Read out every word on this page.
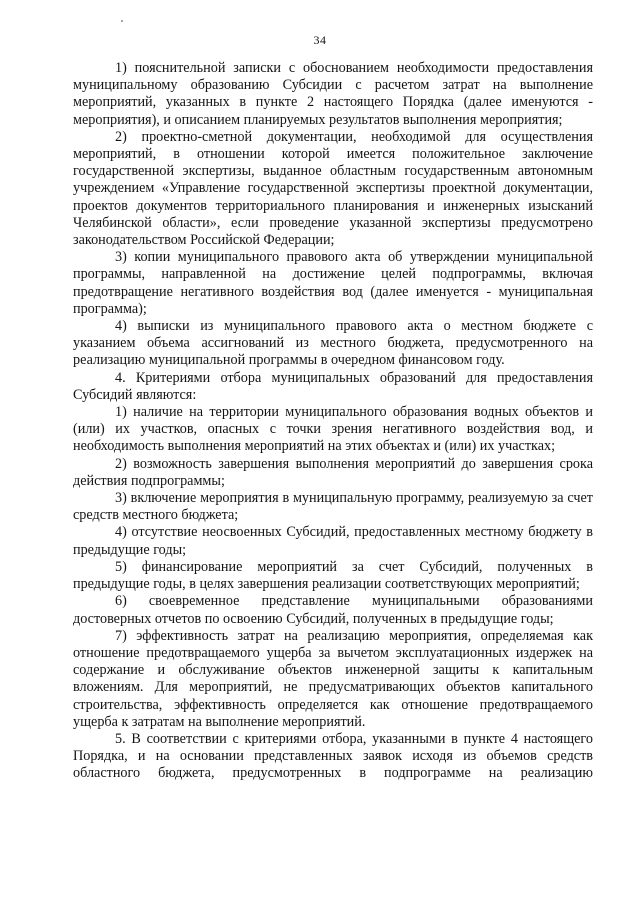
34

1) пояснительной записки с обоснованием необходимости предоставления муниципальному образованию Субсидии с расчетом затрат на выполнение мероприятий, указанных в пункте 2 настоящего Порядка (далее именуются - мероприятия), и описанием планируемых результатов выполнения мероприятия;

2) проектно-сметной документации, необходимой для осуществления мероприятий, в отношении которой имеется положительное заключение государственной экспертизы, выданное областным государственным автономным учреждением «Управление государственной экспертизы проектной документации, проектов документов территориального планирования и инженерных изысканий Челябинской области», если проведение указанной экспертизы предусмотрено законодательством Российской Федерации;

3) копии муниципального правового акта об утверждении муниципальной программы, направленной на достижение целей подпрограммы, включая предотвращение негативного воздействия вод (далее именуется - муниципальная программа);

4) выписки из муниципального правового акта о местном бюджете с указанием объема ассигнований из местного бюджета, предусмотренного на реализацию муниципальной программы в очередном финансовом году.

4. Критериями отбора муниципальных образований для предоставления Субсидий являются:

1) наличие на территории муниципального образования водных объектов и (или) их участков, опасных с точки зрения негативного воздействия вод, и необходимость выполнения мероприятий на этих объектах и (или) их участках;

2) возможность завершения выполнения мероприятий до завершения срока действия подпрограммы;

3) включение мероприятия в муниципальную программу, реализуемую за счет средств местного бюджета;

4) отсутствие неосвоенных Субсидий, предоставленных местному бюджету в предыдущие годы;

5) финансирование мероприятий за счет Субсидий, полученных в предыдущие годы, в целях завершения реализации соответствующих мероприятий;

6) своевременное представление муниципальными образованиями достоверных отчетов по освоению Субсидий, полученных в предыдущие годы;

7) эффективность затрат на реализацию мероприятия, определяемая как отношение предотвращаемого ущерба за вычетом эксплуатационных издержек на содержание и обслуживание объектов инженерной защиты к капитальным вложениям. Для мероприятий, не предусматривающих объектов капитального строительства, эффективность определяется как отношение предотвращаемого ущерба к затратам на выполнение мероприятий.

5. В соответствии с критериями отбора, указанными в пункте 4 настоящего Порядка, и на основании представленных заявок исходя из объемов средств областного бюджета, предусмотренных в подпрограмме на реализацию
